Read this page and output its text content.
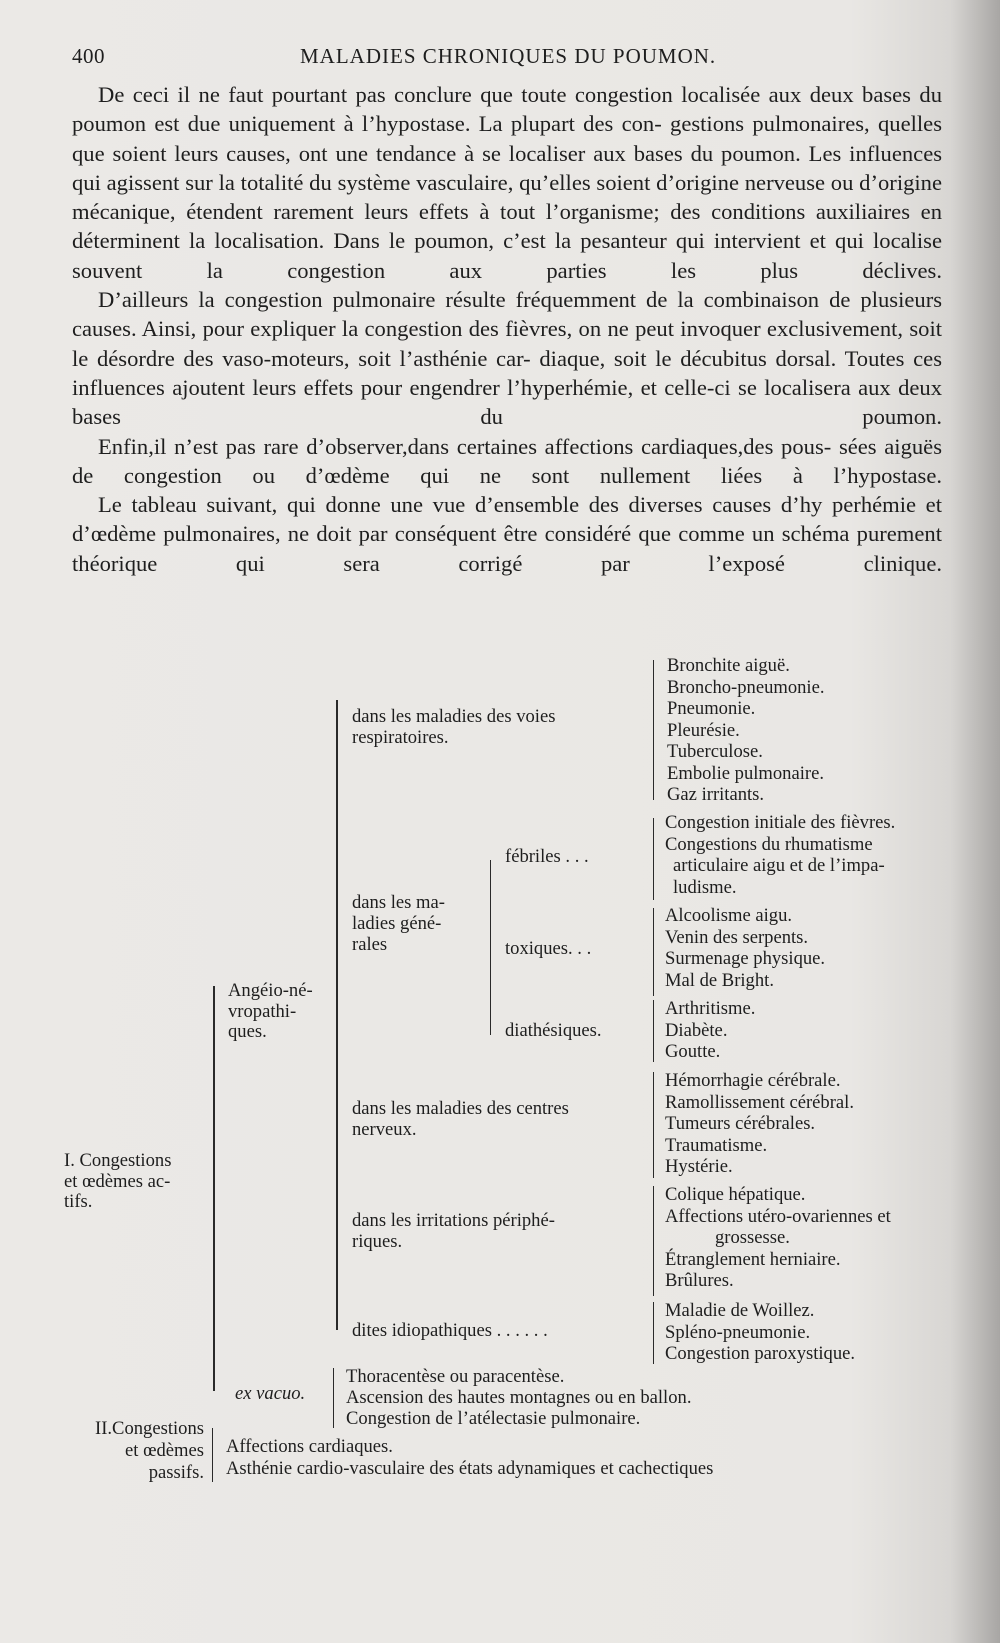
400	MALADIES CHRONIQUES DU POUMON.

De ceci il ne faut pourtant pas conclure que toute congestion localisée aux deux bases du poumon est due uniquement à l’hypostase. La plupart des con- gestions pulmonaires, quelles que soient leurs causes, ont une tendance à se localiser aux bases du poumon. Les influences qui agissent sur la totalité du système vasculaire, qu’elles soient d’origine nerveuse ou d’origine mécanique, étendent rarement leurs effets à tout l’organisme; des conditions auxiliaires en déterminent la localisation. Dans le poumon, c’est la pesanteur qui intervient et qui localise souvent la congestion aux parties les plus déclives.

D’ailleurs la congestion pulmonaire résulte fréquemment de la combinaison de plusieurs causes. Ainsi, pour expliquer la congestion des fièvres, on ne peut invoquer exclusivement, soit le désordre des vaso-moteurs, soit l’asthénie car- diaque, soit le décubitus dorsal. Toutes ces influences ajoutent leurs effets pour engendrer l’hyperhémie, et celle-ci se localisera aux deux bases du poumon.

Enfin,il n’est pas rare d’observer,dans certaines affections cardiaques,des pous- sées aiguës de congestion ou d’œdème qui ne sont nullement liées à l’hypostase.

Le tableau suivant, qui donne une vue d’ensemble des diverses causes d’hy perhémie et d’œdème pulmonaires, ne doit par conséquent être considéré que comme un schéma purement théorique qui sera corrigé par l’exposé clinique.

I. Congestions
et œdèmes ac-
tifs.
Angéio-né-
vropathi-
ques.
dans les maladies des voies
respiratoires.
Bronchite aiguë.
Broncho-pneumonie.
Pneumonie.
Pleurésie.
Tuberculose.
Embolie pulmonaire.
Gaz irritants.
dans les ma-
ladies géné-
rales
fébriles . . .
Congestion initiale des fièvres.
Congestions du rhumatisme
articulaire aigu et de l’impa-
ludisme.
toxiques. . .
Alcoolisme aigu.
Venin des serpents.
Surmenage physique.
Mal de Bright.
diathésiques.
Arthritisme.
Diabète.
Goutte.
dans les maladies des centres
nerveux.
Hémorrhagie cérébrale.
Ramollissement cérébral.
Tumeurs cérébrales.
Traumatisme.
Hystérie.
dans les irritations périphé-
riques.
Colique hépatique.
Affections utéro-ovariennes et
grossesse.
Étranglement herniaire.
Brûlures.
dites idiopathiques . . . . . .
Maladie de Woillez.
Spléno-pneumonie.
Congestion paroxystique.
ex vacuo.
Thoracentèse ou paracentèse.
Ascension des hautes montagnes ou en ballon.
Congestion de l’atélectasie pulmonaire.
II.Congestions
et œdèmes
passifs.
Affections cardiaques.
Asthénie cardio-vasculaire des états adynamiques et cachectiques
